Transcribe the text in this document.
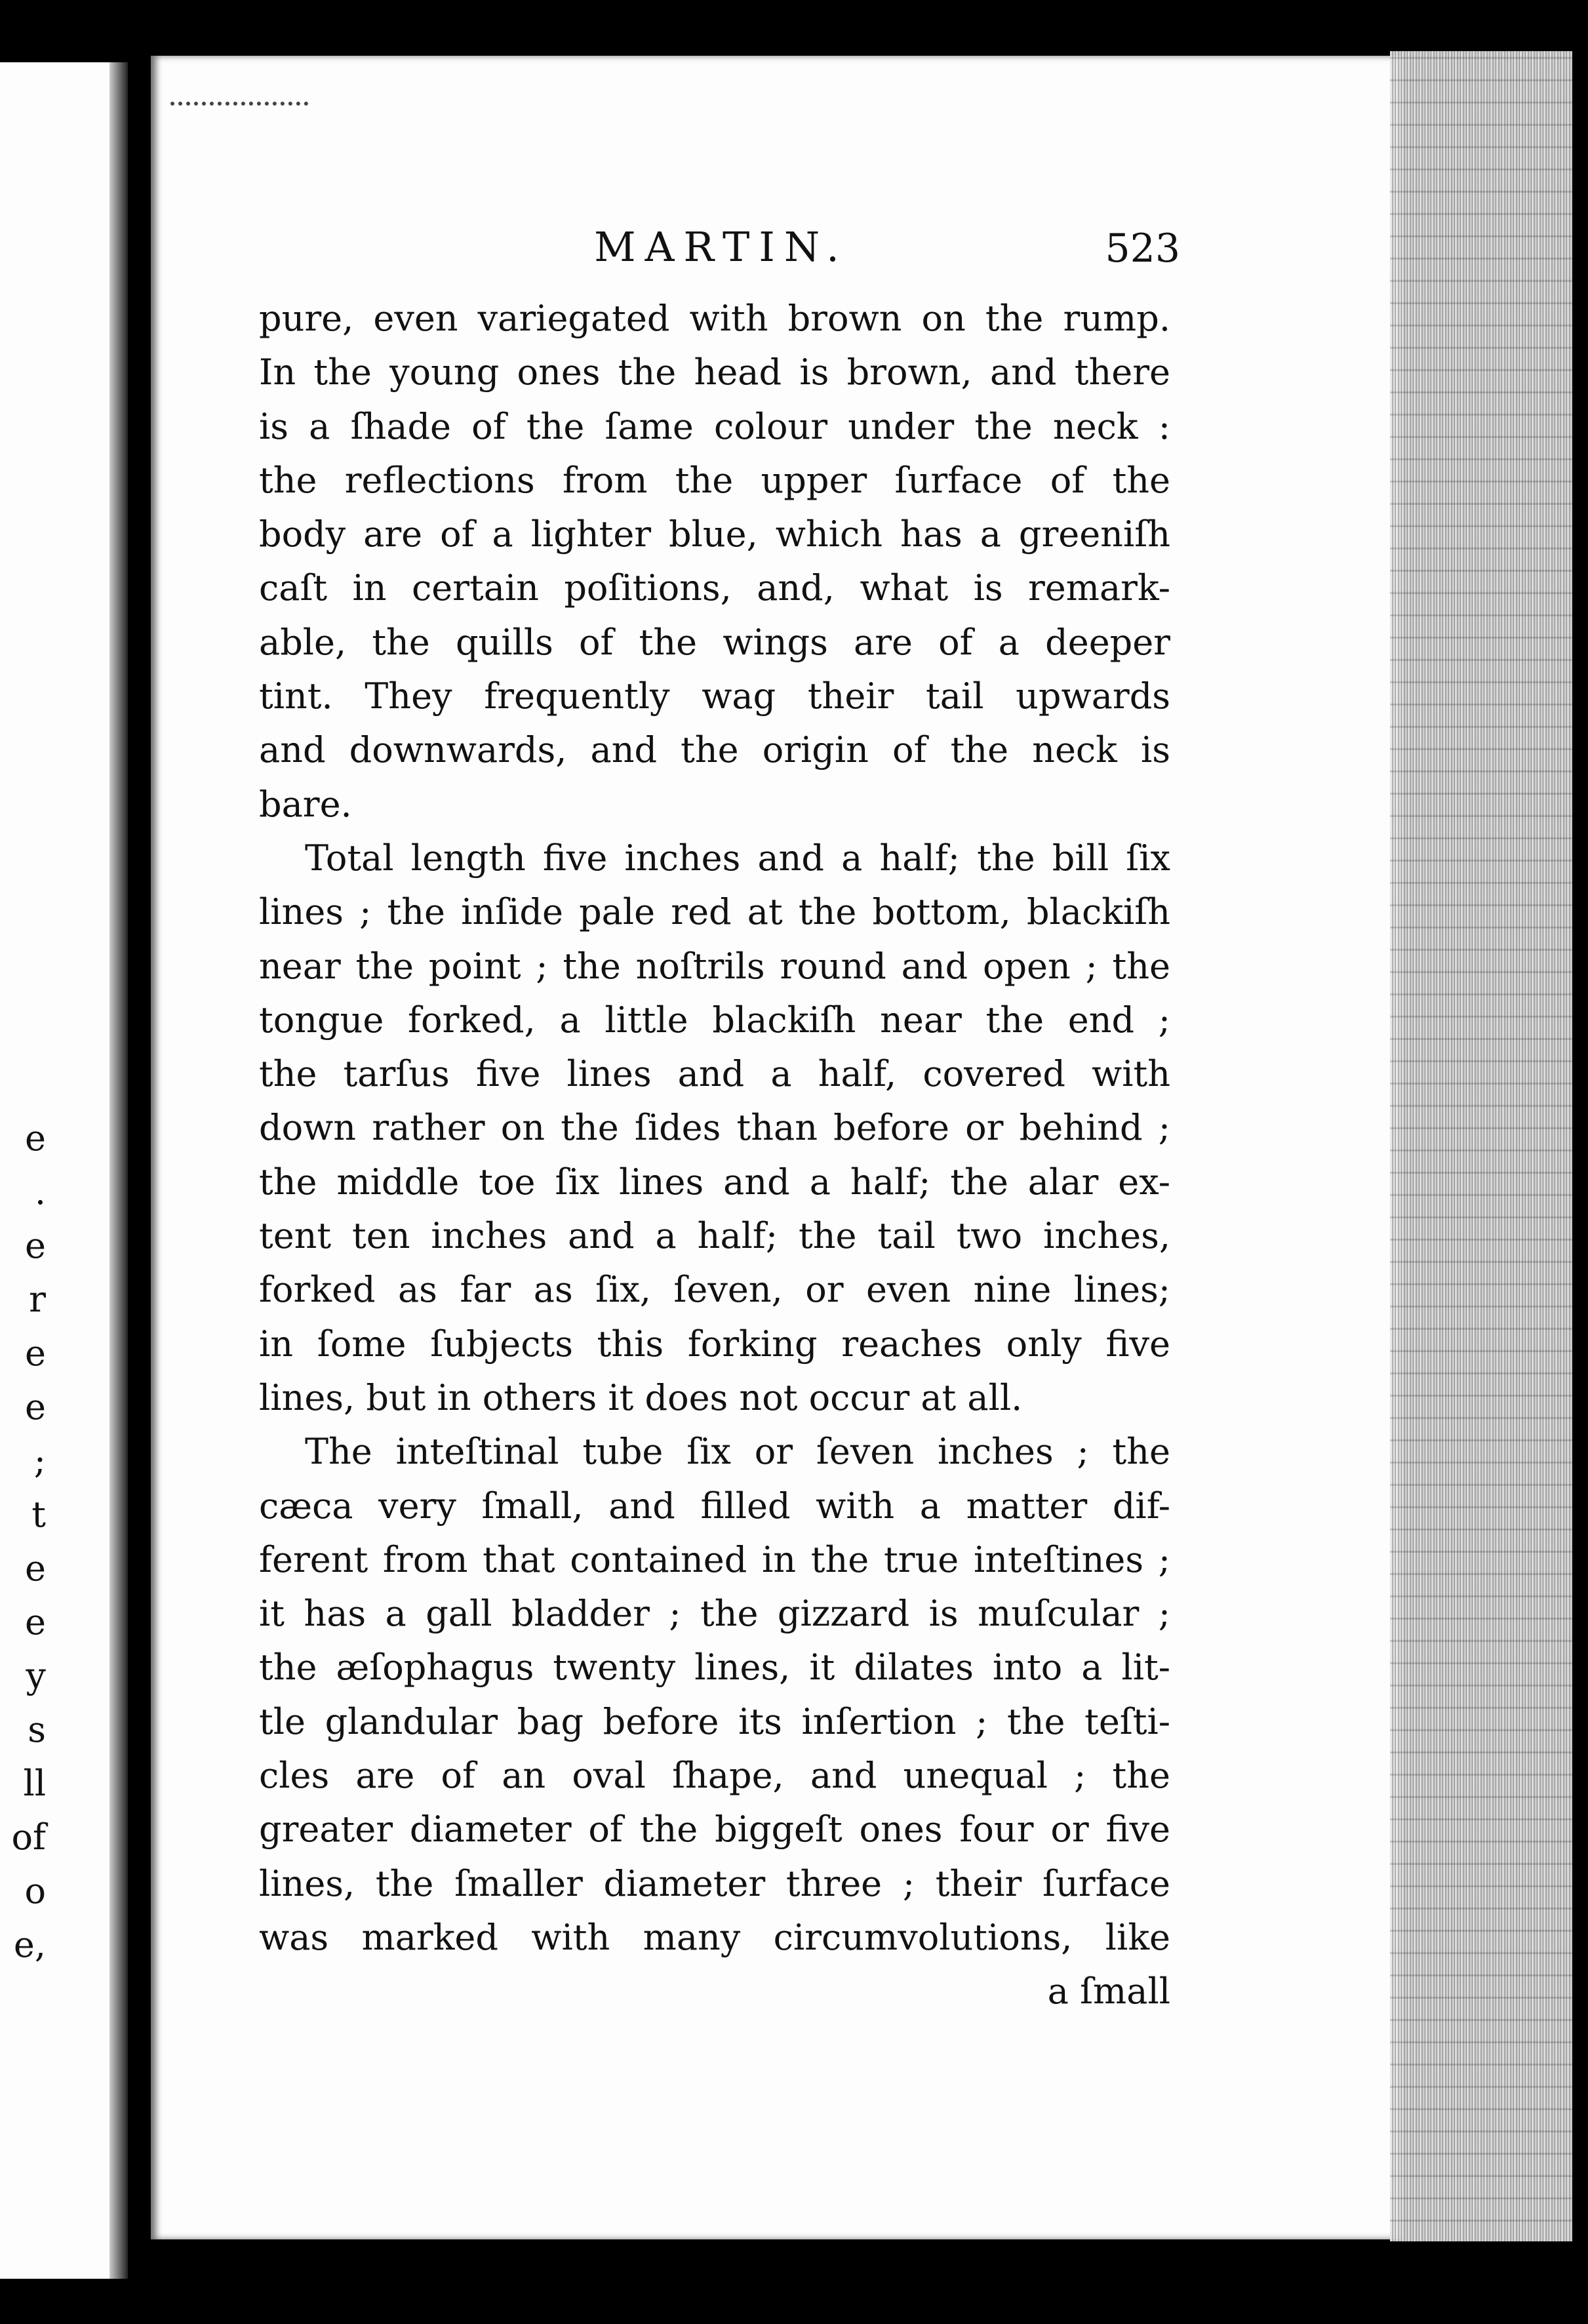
e
.
e
r
e
e
;
t
e
e
y
s
ll
of
o
e,
MARTIN.	523
pure, even variegated with brown on the rump.
In the young ones the head is brown, and there
is a ſhade of the ſame colour under the neck :
the reflections from the upper ſurface of the
body are of a lighter blue, which has a greeniſh
caſt in certain poſitions, and, what is remark-
able, the quills of the wings are of a deeper
tint. They frequently wag their tail upwards
and downwards, and the origin of the neck is
bare.
Total length five inches and a half; the bill ſix
lines ; the inſide pale red at the bottom, blackiſh
near the point ; the noſtrils round and open ; the
tongue forked, a little blackiſh near the end ;
the tarſus five lines and a half, covered with
down rather on the ſides than before or behind ;
the middle toe ſix lines and a half; the alar ex-
tent ten inches and a half; the tail two inches,
forked as far as ſix, ſeven, or even nine lines;
in ſome ſubjects this forking reaches only five
lines, but in others it does not occur at all.
The inteſtinal tube ſix or ſeven inches ; the
cæca very ſmall, and filled with a matter dif-
ferent from that contained in the true inteſtines ;
it has a gall bladder ; the gizzard is muſcular ;
the æſophagus twenty lines, it dilates into a lit-
tle glandular bag before its inſertion ; the teſti-
cles are of an oval ſhape, and unequal ; the
greater diameter of the biggeſt ones four or five
lines, the ſmaller diameter three ; their ſurface
was marked with many circumvolutions, like
a ſmall
